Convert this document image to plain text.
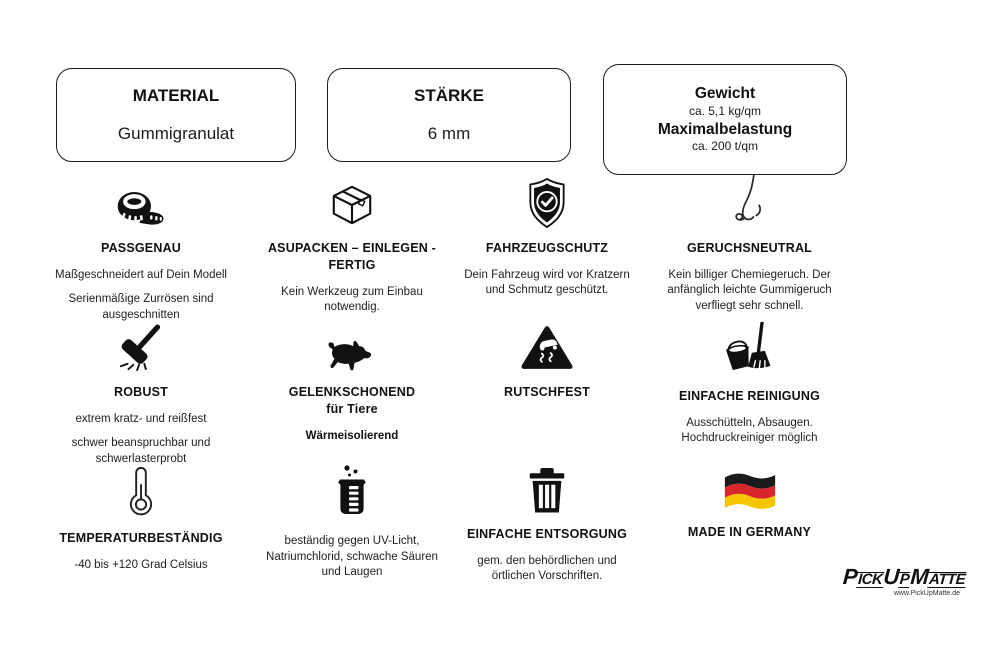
MATERIAL
Gummigranulat
STÄRKE
6 mm
Gewicht
ca. 5,1 kg/qm
Maximalbelastung
ca. 200 t/qm
PASSGENAU

Maßgeschneidert auf Dein Modell

Serienmäßige Zurrösen sind ausgeschnitten

ASUPACKEN – EINLEGEN - FERTIG

Kein Werkzeug zum Einbau notwendig.

FAHRZEUGSCHUTZ

Dein Fahrzeug wird vor Kratzern und Schmutz geschützt.

GERUCHSNEUTRAL

Kein billiger Chemiegeruch. Der anfänglich leichte Gummigeruch verfliegt sehr schnell.

ROBUST

extrem kratz- und reißfest

schwer beanspruchbar und schwerlasterprobt

GELENKSCHONEND
für Tiere

Wärmeisolierend

RUTSCHFEST	EINFACHE REINIGUNG

Ausschütteln, Absaugen. Hochdruckreiniger möglich

TEMPERATURBESTÄNDIG

-40 bis +120 Grad Celsius

beständig gegen UV-Licht, Natriumchlorid, schwache Säuren und Laugen

EINFACHE ENTSORGUNG

gem. den behördlichen und örtlichen Vorschriften.

MADE IN GERMANY
PICKUPMATTE
www.PickUpMatte.de
